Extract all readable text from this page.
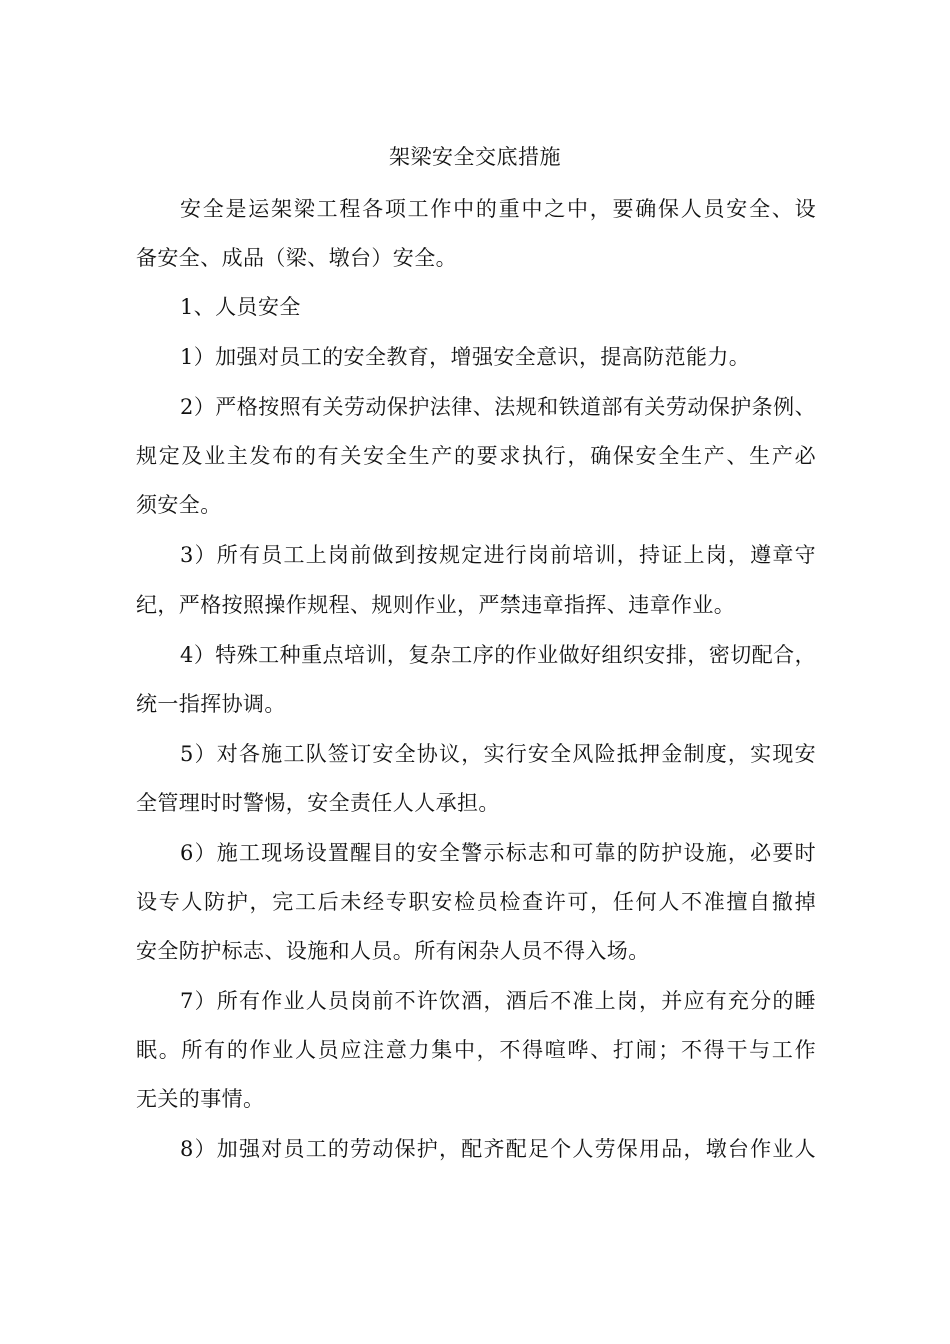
架梁安全交底措施
安全是运架梁工程各项工作中的重中之中，要确保人员安全、设
备安全、成品（梁、墩台）安全。
1、人员安全
1）加强对员工的安全教育，增强安全意识，提高防范能力。
2）严格按照有关劳动保护法律、法规和铁道部有关劳动保护条例、
规定及业主发布的有关安全生产的要求执行，确保安全生产、生产必
须安全。
3）所有员工上岗前做到按规定进行岗前培训，持证上岗，遵章守
纪，严格按照操作规程、规则作业，严禁违章指挥、违章作业。
4）特殊工种重点培训，复杂工序的作业做好组织安排，密切配合，
统一指挥协调。
5）对各施工队签订安全协议，实行安全风险抵押金制度，实现安
全管理时时警惕，安全责任人人承担。
6）施工现场设置醒目的安全警示标志和可靠的防护设施，必要时
设专人防护，完工后未经专职安检员检查许可，任何人不准擅自撤掉
安全防护标志、设施和人员。所有闲杂人员不得入场。
7）所有作业人员岗前不许饮酒，酒后不准上岗，并应有充分的睡
眠。所有的作业人员应注意力集中，不得喧哗、打闹；不得干与工作
无关的事情。
8）加强对员工的劳动保护，配齐配足个人劳保用品，墩台作业人
